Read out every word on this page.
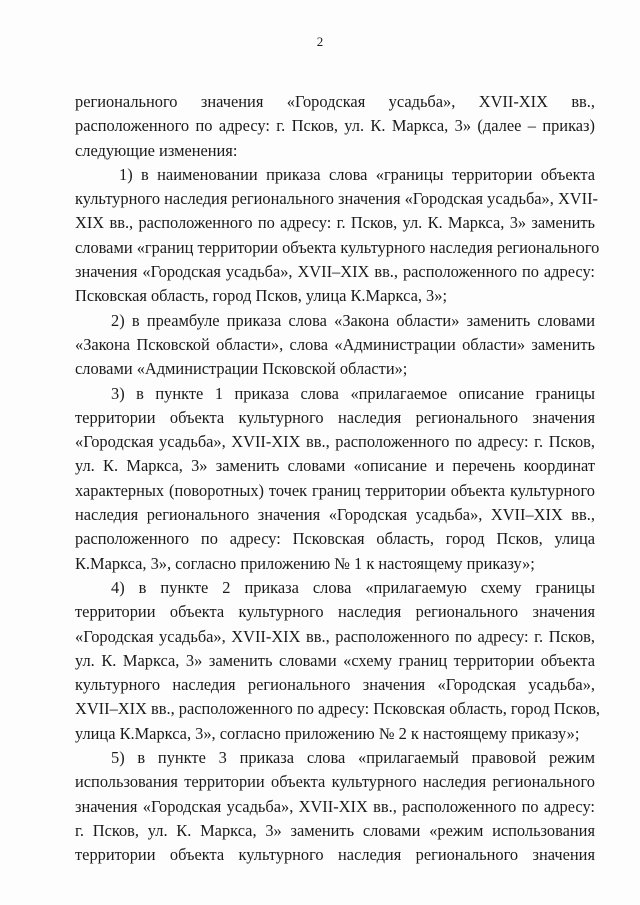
2
регионального значения «Городская усадьба», XVII-XIX вв.,
расположенного по адресу: г. Псков, ул. К. Маркса, 3» (далее – приказ)
следующие изменения:
1) в наименовании приказа слова «границы территории объекта
культурного наследия регионального значения «Городская усадьба», XVII-
XIX вв., расположенного по адресу: г. Псков, ул. К. Маркса, 3» заменить
словами «границ территории объекта культурного наследия регионального
значения «Городская усадьба», XVII–XIX вв., расположенного по адресу:
Псковская область, город Псков, улица К.Маркса, 3»;
2) в преамбуле приказа слова «Закона области» заменить словами
«Закона Псковской области», слова «Администрации области» заменить
словами «Администрации Псковской области»;
3) в пункте 1 приказа слова «прилагаемое описание границы
территории объекта культурного наследия регионального значения
«Городская усадьба», XVII-XIX вв., расположенного по адресу: г. Псков,
ул. К. Маркса, 3» заменить словами «описание и перечень координат
характерных (поворотных) точек границ территории объекта культурного
наследия регионального значения «Городская усадьба», XVII–XIX вв.,
расположенного по адресу: Псковская область, город Псков, улица
К.Маркса, 3», согласно приложению № 1 к настоящему приказу»;
4) в пункте 2 приказа слова «прилагаемую схему границы
территории объекта культурного наследия регионального значения
«Городская усадьба», XVII-XIX вв., расположенного по адресу: г. Псков,
ул. К. Маркса, 3» заменить словами «схему границ территории объекта
культурного наследия регионального значения «Городская усадьба»,
XVII–XIX вв., расположенного по адресу: Псковская область, город Псков,
улица К.Маркса, 3», согласно приложению № 2 к настоящему приказу»;
5) в пункте 3 приказа слова «прилагаемый правовой режим
использования территории объекта культурного наследия регионального
значения «Городская усадьба», XVII-XIX вв., расположенного по адресу:
г. Псков, ул. К. Маркса, 3» заменить словами «режим использования
территории объекта культурного наследия регионального значения
